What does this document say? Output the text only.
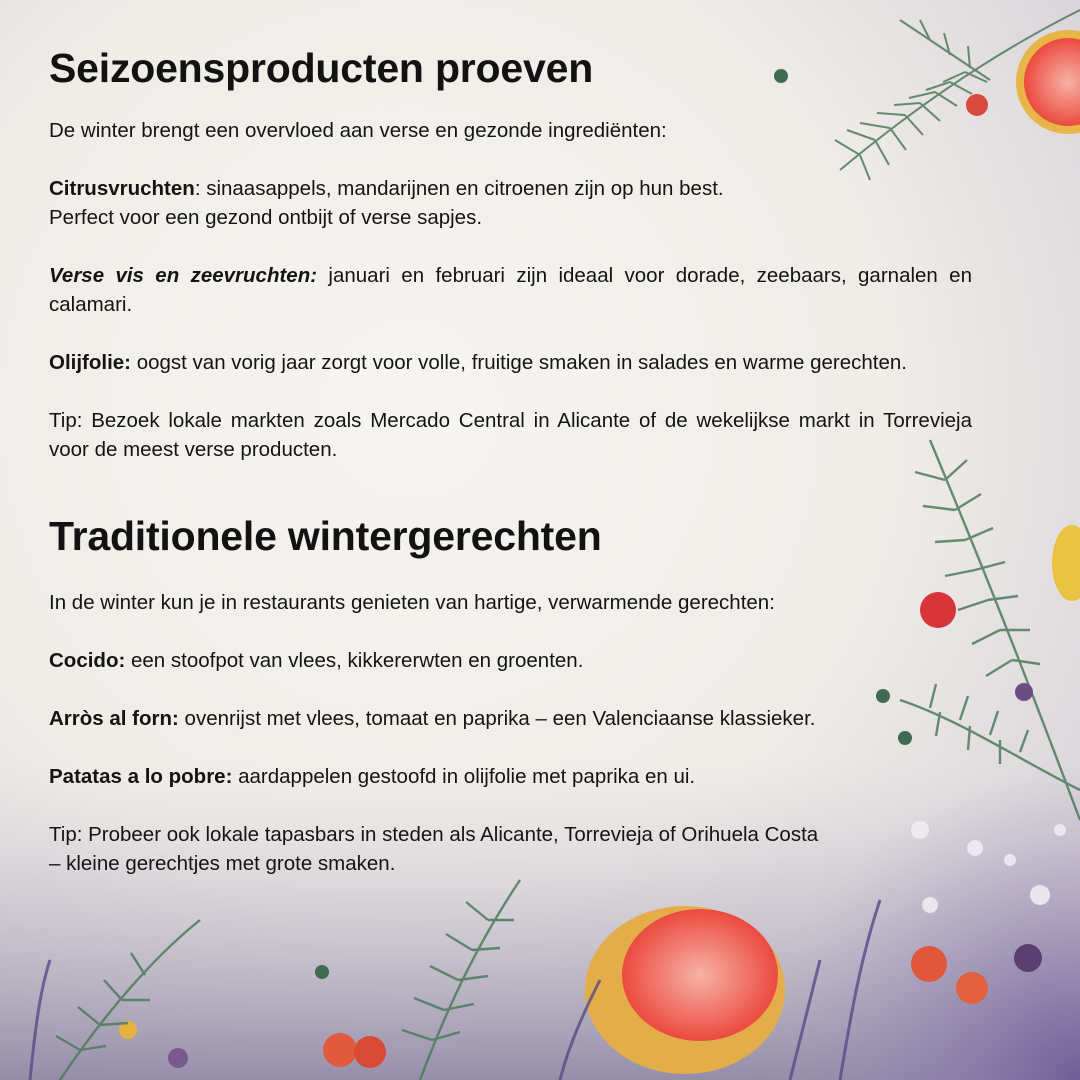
Seizoensproducten proeven

De winter brengt een overvloed aan verse en gezonde ingrediënten:

Citrusvruchten: sinaasappels, mandarijnen en citroenen zijn op hun best.
Perfect voor een gezond ontbijt of verse sapjes.

Verse vis en zeevruchten: januari en februari zijn ideaal voor dorade, zeebaars, garnalen en calamari.

Olijfolie: oogst van vorig jaar zorgt voor volle, fruitige smaken in salades en warme gerechten.

Tip: Bezoek lokale markten zoals Mercado Central in Alicante of de wekelijkse markt in Torrevieja voor de meest verse producten.

Traditionele wintergerechten

In de winter kun je in restaurants genieten van hartige, verwarmende gerechten:

Cocido: een stoofpot van vlees, kikkererwten en groenten.

Arròs al forn: ovenrijst met vlees, tomaat en paprika – een Valenciaanse klassieker.

Patatas a lo pobre: aardappelen gestoofd in olijfolie met paprika en ui.

Tip: Probeer ook lokale tapasbars in steden als Alicante, Torrevieja of Orihuela Costa
– kleine gerechtjes met grote smaken.
